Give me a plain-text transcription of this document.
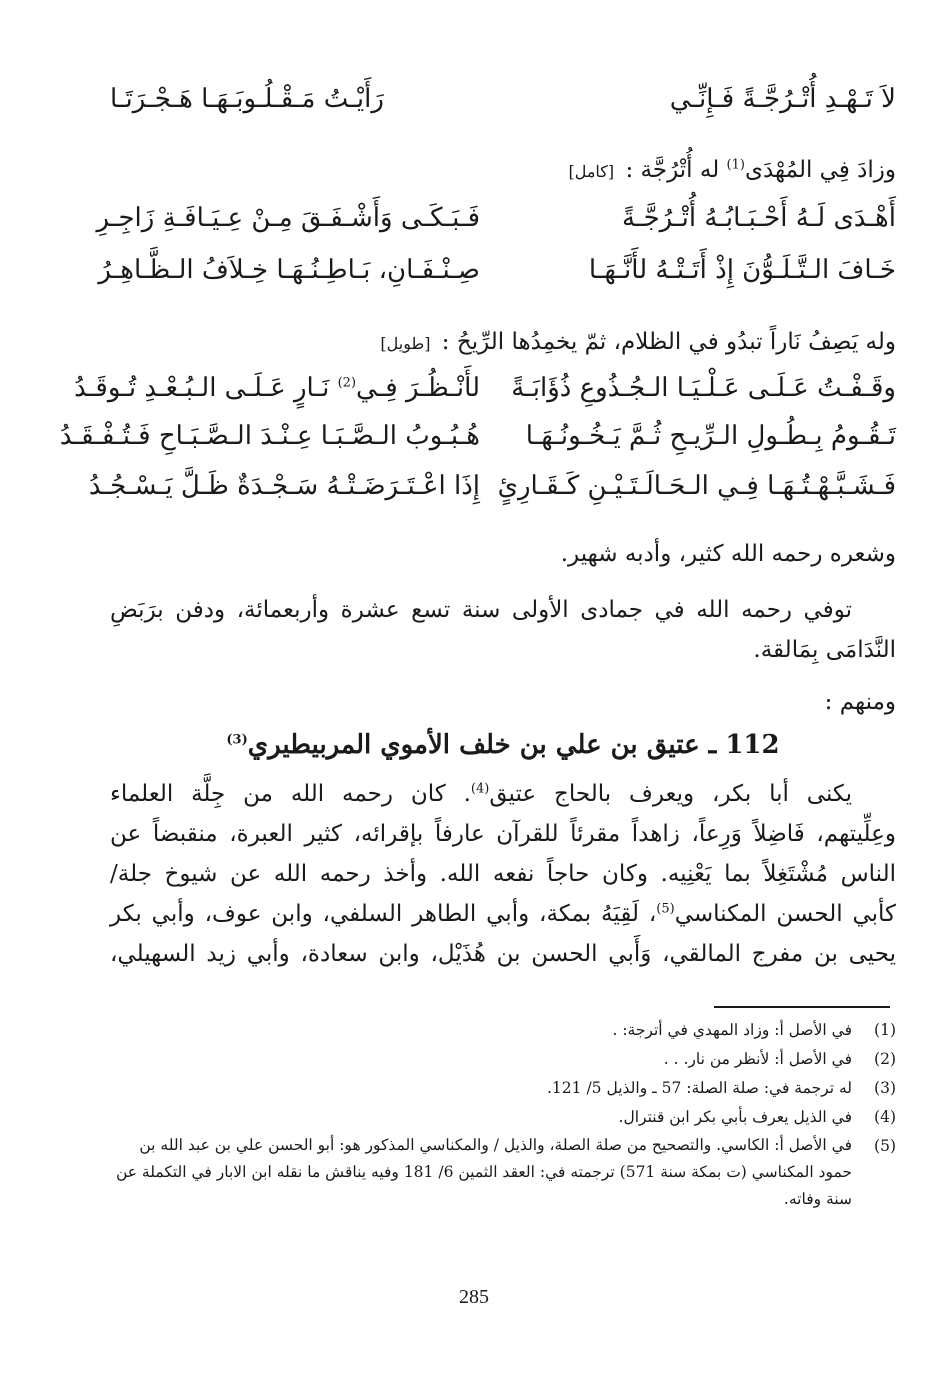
لاَ تَـهْـدِ أُتْـرُجَّـةً فَـإِنِّـي
رَأَيْـتُ مَـقْـلُـوبَـهَـا هَـجْـرَتَـا
وزادَ فِي المُهْدَى$^{(1)}$ له أُتْرُجَّة : [كامل]
أَهْـدَى لَـهُ أَحْـبَـابُـهُ أُتْـرُجَّـةً
فَـبَـكَـى وَأَشْـفَـقَ مِـنْ عِـيَـافَـةِ زَاجِـرِ
خَـافَ الـتَّـلَـوُّنَ إِذْ أَتَـتْـهُ لأَنَّـهَـا
صِـنْـفَـانِ، بَـاطِـنُـهَـا خِـلاَفُ الـظَّـاهِـرُ
وله يَصِفُ نَاراً تبدُو في الظلام، ثمّ يخمِدُها الرِّيحُ : [طويل]
وقَـفْـتُ عَـلَـى عَـلْـيَـا الـجُـذُوعِ ذُؤَابَـةً
لأَنْـظُـرَ فِـي$^{(2)}$ نَـارٍ عَـلَـى الـبُـعْـدِ تُـوقَـدُ
تَـقُـومُ بِـطُـولِ الـرِّيـحِ ثُـمَّ يَـخُـونُـهَـا
هُـبُـوبُ الـصَّـبَـا عِـنْـدَ الـصَّـبَـاحِ فَـتُـفْـقَـدُ
فَـشَـبَّـهْـتُـهَـا فِـي الـحَـالَـتَـيْـنِ كَـقَـارِئٍ
إِذَا اعْـتَـرَضَـتْـهُ سَـجْـدَةٌ ظَـلَّ يَـسْـجُـدُ
وشعره رحمه الله كثير، وأدبه شهير.
توفي رحمه الله في جمادى الأولى سنة تسع عشرة وأربعمائة، ودفن برَبَضِ
النَّدَامَى بِمَالقة.
ومنهم :
112 ـ عتيق بن علي بن خلف الأموي المربيطيري$^{(3)}$
يكنى أبا بكر، ويعرف بالحاج عتيق$^{(4)}$. كان رحمه الله من جِلَّة العلماء
وعِلِّيتهم، فَاضِلاً وَرِعاً، زاهداً مقرئاً للقرآن عارفاً بإقرائه، كثير العبرة، منقبضاً عن
الناس مُشْتَغِلاً بما يَعْنِيه. وكان حاجاً نفعه الله. وأخذ رحمه الله عن شيوخ جلة/
كأبي الحسن المكناسي$^{(5)}$، لَقِيَهُ بمكة، وأبي الطاهر السلفي، وابن عوف، وأبي بكر
يحيى بن مفرج المالقي، وَأَبي الحسن بن هُذَيْل، وابن سعادة، وأبي زيد السهيلي،
(1)
في الأصل أ: وزاد المهدي في أترجة: .
(2)
في الأصل أ: لأنظر من نار. . .
(3)
له ترجمة في: صلة الصلة: 57 ـ والذيل 5/ 121.
(4)
في الذيل يعرف بأبي بكر ابن قنترال.
(5)
في الأصل أ: الكاسي. والتصحيح من صلة الصلة، والذيل / والمكناسي المذكور هو: أبو الحسن علي بن عبد الله بن حمود المكناسي (ت بمكة سنة 571) ترجمته في: العقد الثمين 6/ 181 وفيه يناقش ما نقله ابن الابار في التكملة عن سنة وفاته.
285
